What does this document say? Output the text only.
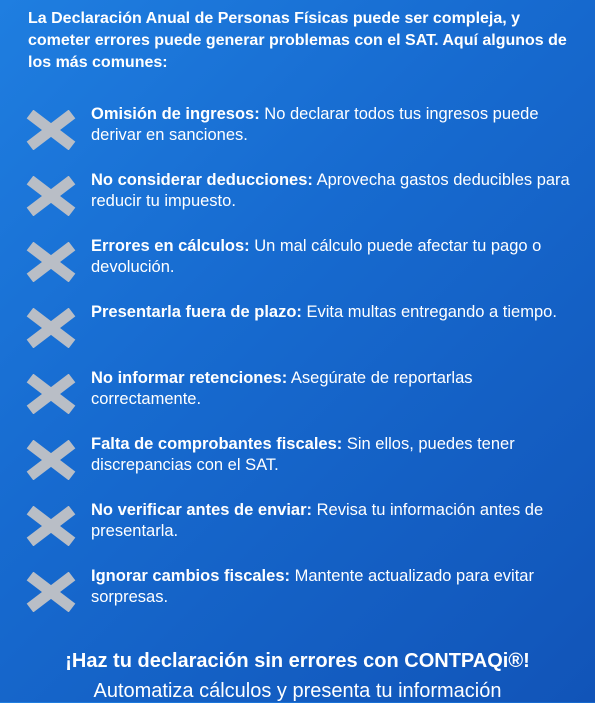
La Declaración Anual de Personas Físicas puede ser compleja, y cometer errores puede generar problemas con el SAT. Aquí algunos de los más comunes:
Omisión de ingresos: No declarar todos tus ingresos puede derivar en sanciones.
No considerar deducciones: Aprovecha gastos deducibles para reducir tu impuesto.
Errores en cálculos: Un mal cálculo puede afectar tu pago o devolución.
Presentarla fuera de plazo: Evita multas entregando a tiempo.
No informar retenciones: Asegúrate de reportarlas correctamente.
Falta de comprobantes fiscales: Sin ellos, puedes tener discrepancias con el SAT.
No verificar antes de enviar: Revisa tu información antes de presentarla.
Ignorar cambios fiscales: Mantente actualizado para evitar sorpresas.
¡Haz tu declaración sin errores con CONTPAQi®!
Automatiza cálculos y presenta tu información
